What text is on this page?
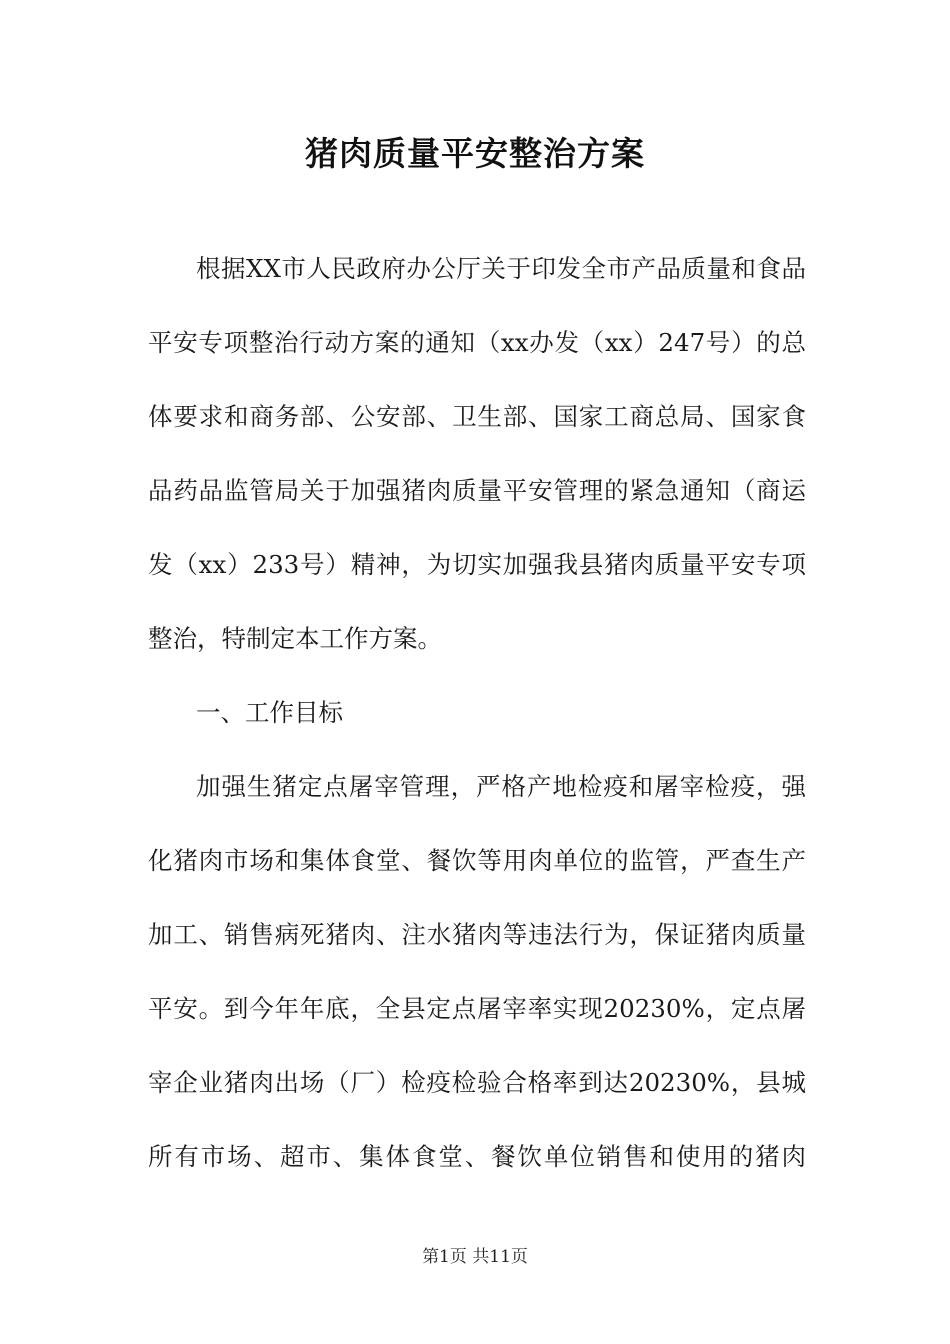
猪肉质量平安整治方案
根据XX市人民政府办公厅关于印发全市产品质量和食品
平安专项整治行动方案的通知（xx办发（xx）247号）的总
体要求和商务部、公安部、卫生部、国家工商总局、国家食
品药品监管局关于加强猪肉质量平安管理的紧急通知（商运
发（xx）233号）精神，为切实加强我县猪肉质量平安专项
整治，特制定本工作方案。
一、工作目标
加强生猪定点屠宰管理，严格产地检疫和屠宰检疫，强
化猪肉市场和集体食堂、餐饮等用肉单位的监管，严查生产
加工、销售病死猪肉、注水猪肉等违法行为，保证猪肉质量
平安。到今年年底，全县定点屠宰率实现20230%，定点屠
宰企业猪肉出场（厂）检疫检验合格率到达20230%，县城
所有市场、超市、集体食堂、餐饮单位销售和使用的猪肉
第1页 共11页
